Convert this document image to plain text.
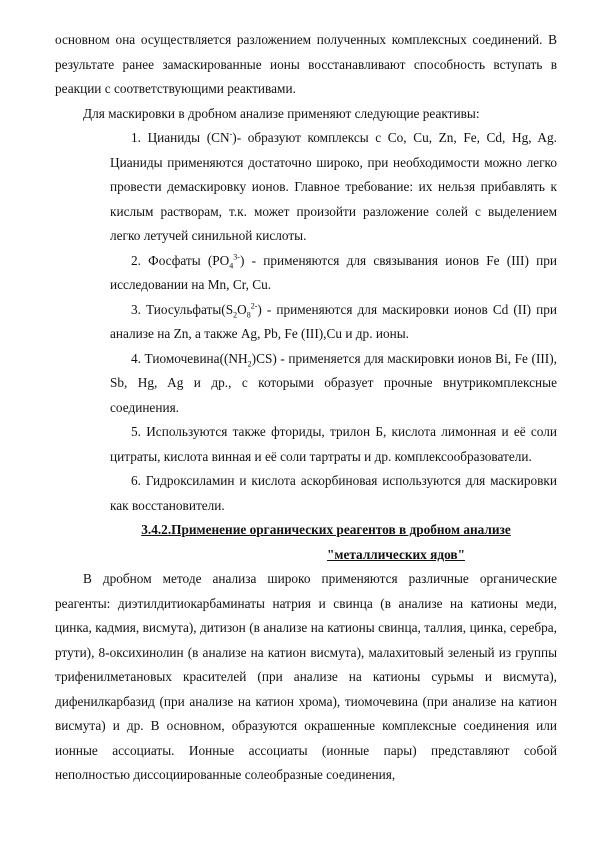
основном она осуществляется разложением полученных комплексных соединений. В результате ранее замаскированные ионы восстанавливают способность вступать в реакции с соответствующими реактивами.

Для маскировки в дробном анализе применяют следующие реактивы:

1. Цианиды (CN-)- образуют комплексы с Co, Cu, Zn, Fe, Cd, Hg, Ag. Цианиды применяются достаточно широко, при необходимости можно легко провести демаскировку ионов. Главное требование: их нельзя прибавлять к кислым растворам, т.к. может произойти разложение солей с выделением легко летучей синильной кислоты.

2. Фосфаты $(PO_4^{3-})$ - применяются для связывания ионов Fe (III) при исследовании на Mn, Cr, Cu.

3. $Тиосульфаты(S_2O_8^{2-})$ - применяются для маскировки ионов Cd (II) при анализе на Zn, а также Ag, Pb, Fe (III),Cu и др. ионы.

4. $Тиомочевина((NH_2)CS)$ - применяется для маскировки ионов Bi, Fe (III), Sb, Hg, Ag и др., с которыми образует прочные внутрикомплексные соединения.

5. Используются также фториды, трилон Б, кислота лимонная и её соли цитраты, кислота винная и её соли тартраты и др. комплексообразователи.

6. Гидроксиламин и кислота аскорбиновая используются для маскировки как восстановители.

3.4.2.Применение органических реагентов в дробном анализе

"металлических ядов"

В дробном методе анализа широко применяются различные органические реагенты: диэтилдитиокарбаминаты натрия и свинца (в анализе на катионы меди, цинка, кадмия, висмута), дитизон (в анализе на катионы свинца, таллия, цинка, серебра, ртути), 8-оксихинолин (в анализе на катион висмута), малахитовый зеленый из группы трифенилметановых красителей (при анализе на катионы сурьмы и висмута), дифенилкарбазид (при анализе на катион хрома), тиомочевина (при анализе на катион висмута) и др. В основном, образуются окрашенные комплексные соединения или ионные ассоциаты. Ионные ассоциаты (ионные пары) представляют собой неполностью диссоциированные солеобразные соединения,
